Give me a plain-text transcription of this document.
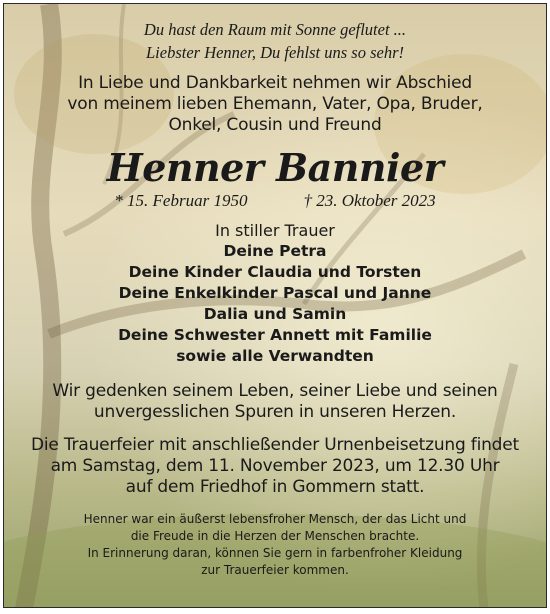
Du hast den Raum mit Sonne geflutet ...
Liebster Henner, Du fehlst uns so sehr!
In Liebe und Dankbarkeit nehmen wir Abschied
von meinem lieben Ehemann, Vater, Opa, Bruder,
Onkel, Cousin und Freund
Henner Bannier
* 15. Februar 1950	† 23. Oktober 2023
In stiller Trauer
Deine Petra
Deine Kinder Claudia und Torsten
Deine Enkelkinder Pascal und Janne
Dalia und Samin
Deine Schwester Annett mit Familie
sowie alle Verwandten
Wir gedenken seinem Leben, seiner Liebe und seinen
unvergesslichen Spuren in unseren Herzen.
Die Trauerfeier mit anschließender Urnenbeisetzung findet
am Samstag, dem 11. November 2023, um 12.30 Uhr
auf dem Friedhof in Gommern statt.
Henner war ein äußerst lebensfroher Mensch, der das Licht und
die Freude in die Herzen der Menschen brachte.
In Erinnerung daran, können Sie gern in farbenfroher Kleidung
zur Trauerfeier kommen.
